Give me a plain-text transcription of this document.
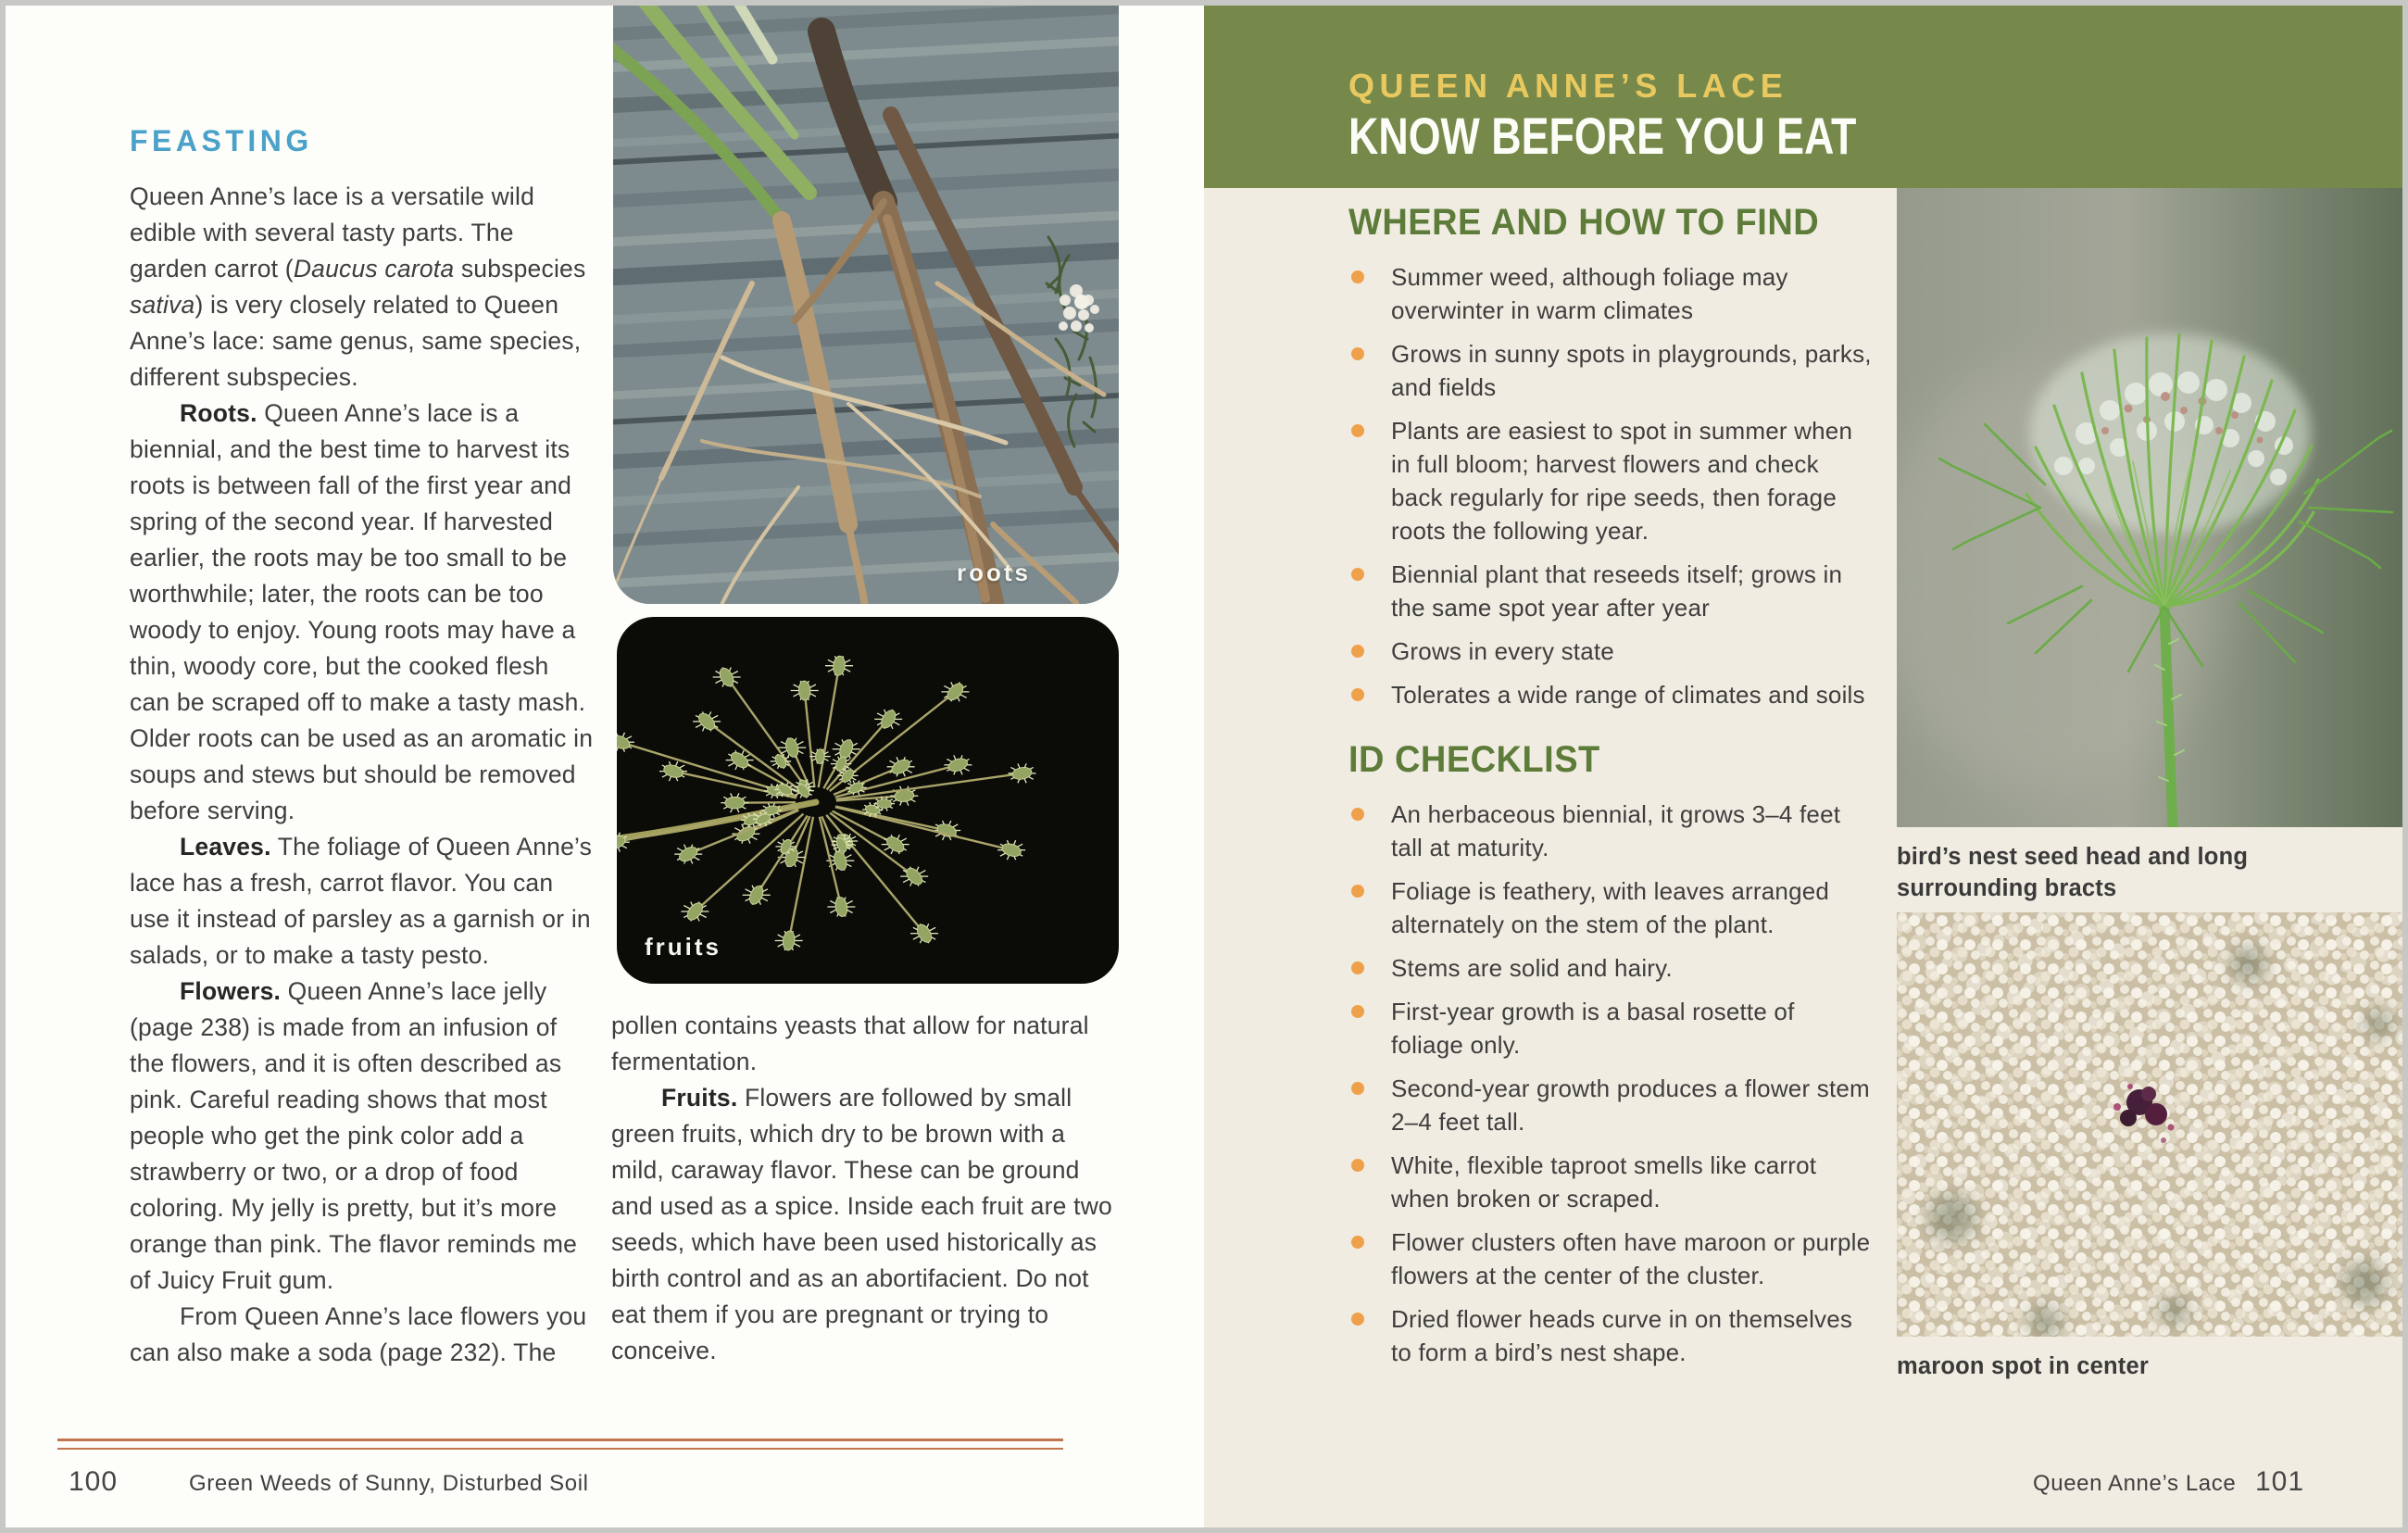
FEASTING

Queen Anne’s lace is a versatile wild edible with several tasty parts. The garden carrot (Daucus carota subspecies sativa) is very closely related to Queen Anne’s lace: same genus, same species, different subspecies.

Roots. Queen Anne’s lace is a biennial, and the best time to harvest its roots is between fall of the first year and spring of the second year. If harvested earlier, the roots may be too small to be worthwhile; later, the roots can be too woody to enjoy. Young roots may have a thin, woody core, but the cooked flesh can be scraped off to make a tasty mash. Older roots can be used as an aromatic in soups and stews but should be removed before serving.

Leaves. The foliage of Queen Anne’s lace has a fresh, carrot flavor. You can use it instead of parsley as a garnish or in salads, or to make a tasty pesto.

Flowers. Queen Anne’s lace jelly (page 238) is made from an infusion of the flowers, and it is often described as pink. Careful reading shows that most people who get the pink color add a strawberry or two, or a drop of food coloring. My jelly is pretty, but it’s more orange than pink. The flavor reminds me of Juicy Fruit gum.

From Queen Anne’s lace flowers you can also make a soda (page 232). The

roots
fruits

pollen contains yeasts that allow for natural fermentation.

Fruits. Flowers are followed by small green fruits, which dry to be brown with a mild, caraway flavor. These can be ground and used as a spice. Inside each fruit are two seeds, which have been used historically as birth control and as an abortifacient. Do not eat them if you are pregnant or trying to conceive.

100	Green Weeds of Sunny, Disturbed Soil
QUEEN ANNE’S LACE
KNOW BEFORE YOU EAT
WHERE AND HOW TO FIND
Summer weed, although foliage may overwinter in warm climates
Grows in sunny spots in playgrounds, parks, and fields
Plants are easiest to spot in summer when in full bloom; harvest flowers and check back regularly for ripe seeds, then forage roots the following year.
Biennial plant that reseeds itself; grows in the same spot year after year
Grows in every state
Tolerates a wide range of climates and soils
ID CHECKLIST
An herbaceous biennial, it grows 3–4 feet tall at maturity.
Foliage is feathery, with leaves arranged alternately on the stem of the plant.
Stems are solid and hairy.
First-year growth is a basal rosette of foliage only.
Second-year growth produces a flower stem 2–4 feet tall.
White, flexible taproot smells like carrot when broken or scraped.
Flower clusters often have maroon or purple flowers at the center of the cluster.
Dried flower heads curve in on themselves to form a bird’s nest shape.
bird’s nest seed head and long surrounding bracts
maroon spot in center
Queen Anne’s Lace 101
